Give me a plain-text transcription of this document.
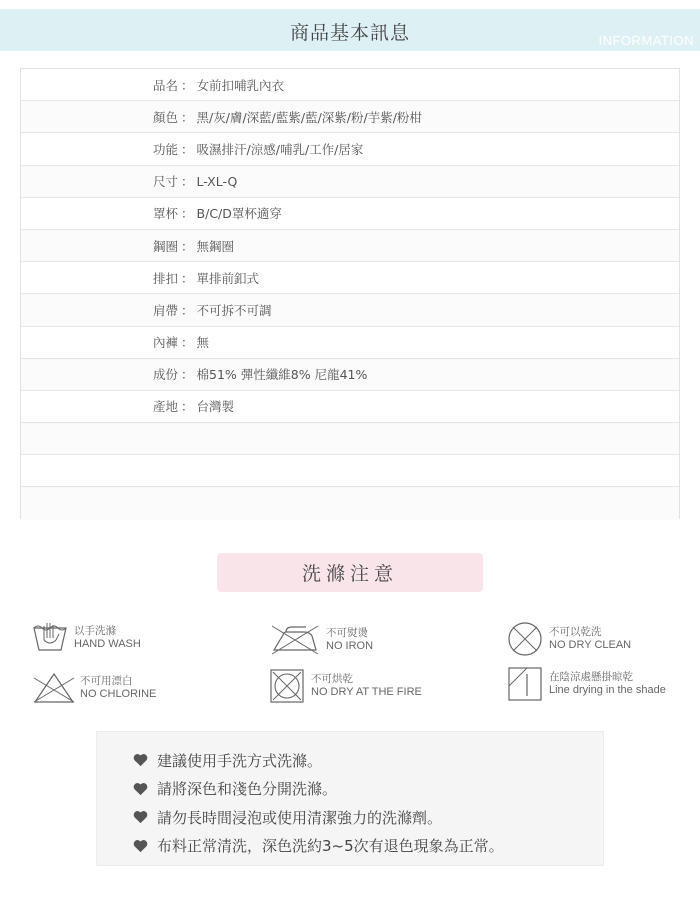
商品基本訊息	INFORMATION
品名 ： 女前扣哺乳內衣
顏色 ： 黑/灰/膚/深藍/藍紫/藍/深紫/粉/芋紫/粉柑
功能 ： 吸濕排汗/涼感/哺乳/工作/居家
尺寸 ： L-XL-Q
罩杯 ： B/C/D罩杯適穿
鋼圈 ： 無鋼圈
排扣 ： 單排前釦式
肩帶 ： 不可拆不可調
內褲 ： 無
成份 ： 棉51% 彈性纖維8% 尼龍41%
產地 ： 台灣製
洗滌注意
以手洗滌
HAND WASH
不可熨燙
NO IRON
不可以乾洗
NO DRY CLEAN
不可用漂白
NO CHLORINE
不可烘乾
NO DRY AT THE FIRE
在陰涼處懸掛晾乾
Line drying in the shade
建議使用手洗方式洗滌。
請將深色和淺色分開洗滌。
請勿長時間浸泡或使用清潔強力的洗滌劑。
布料正常清洗，深色洗約3~5次有退色現象為正常。
